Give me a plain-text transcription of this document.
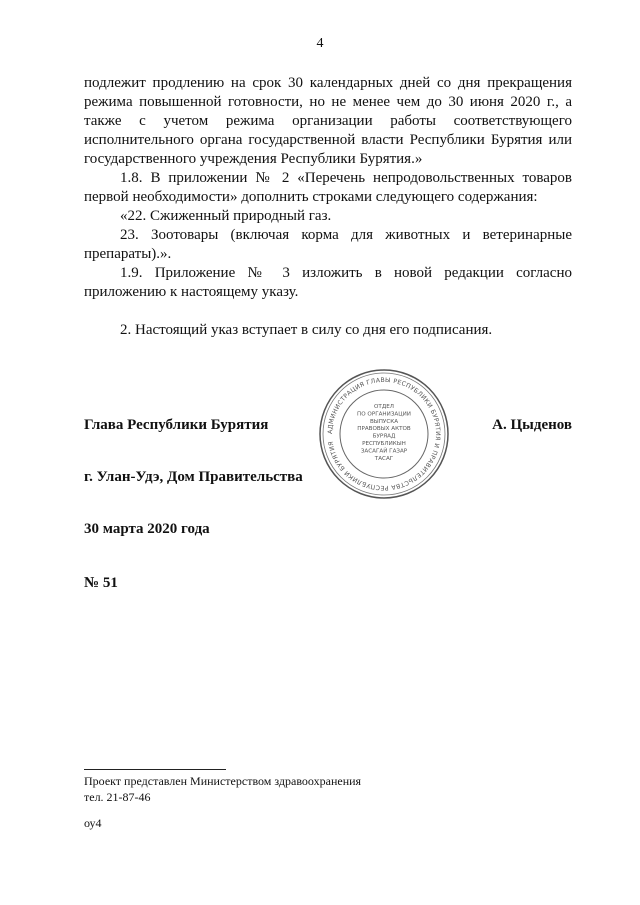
4

подлежит продлению на срок 30 календарных дней со дня прекращения режима повышенной готовности, но не менее чем до 30 июня 2020 г., а также с учетом режима организации работы соответствующего исполнительного органа государственной власти Республики Бурятия или государственного учреждения Республики Бурятия.»

1.8. В приложении № 2 «Перечень непродовольственных товаров первой необходимости» дополнить строками следующего содержания:

«22. Сжиженный природный газ.

23. Зоотовары (включая корма для животных и ветеринарные препараты).».

1.9. Приложение № 3 изложить в новой редакции согласно приложению к настоящему указу.

2. Настоящий указ вступает в силу со дня его подписания.

Глава Республики Бурятия	А. Цыденов
АДМИНИСТРАЦИЯ ГЛАВЫ РЕСПУБЛИКИ БУРЯТИЯ И ПРАВИТЕЛЬСТВА РЕСПУБЛИКИ БУРЯТИЯ
ОТДЕЛ
ПО ОРГАНИЗАЦИИ
ВЫПУСКА
ПРАВОВЫХ АКТОВ
БУРЯАД
РЕСПУБЛИКЫН
ЗАСАГАЙ ГАЗАР
ТАСАГ
г. Улан-Удэ, Дом Правительства
30 марта 2020 года
№ 51
Проект представлен Министерством здравоохранения
тел. 21-87-46
оу4
